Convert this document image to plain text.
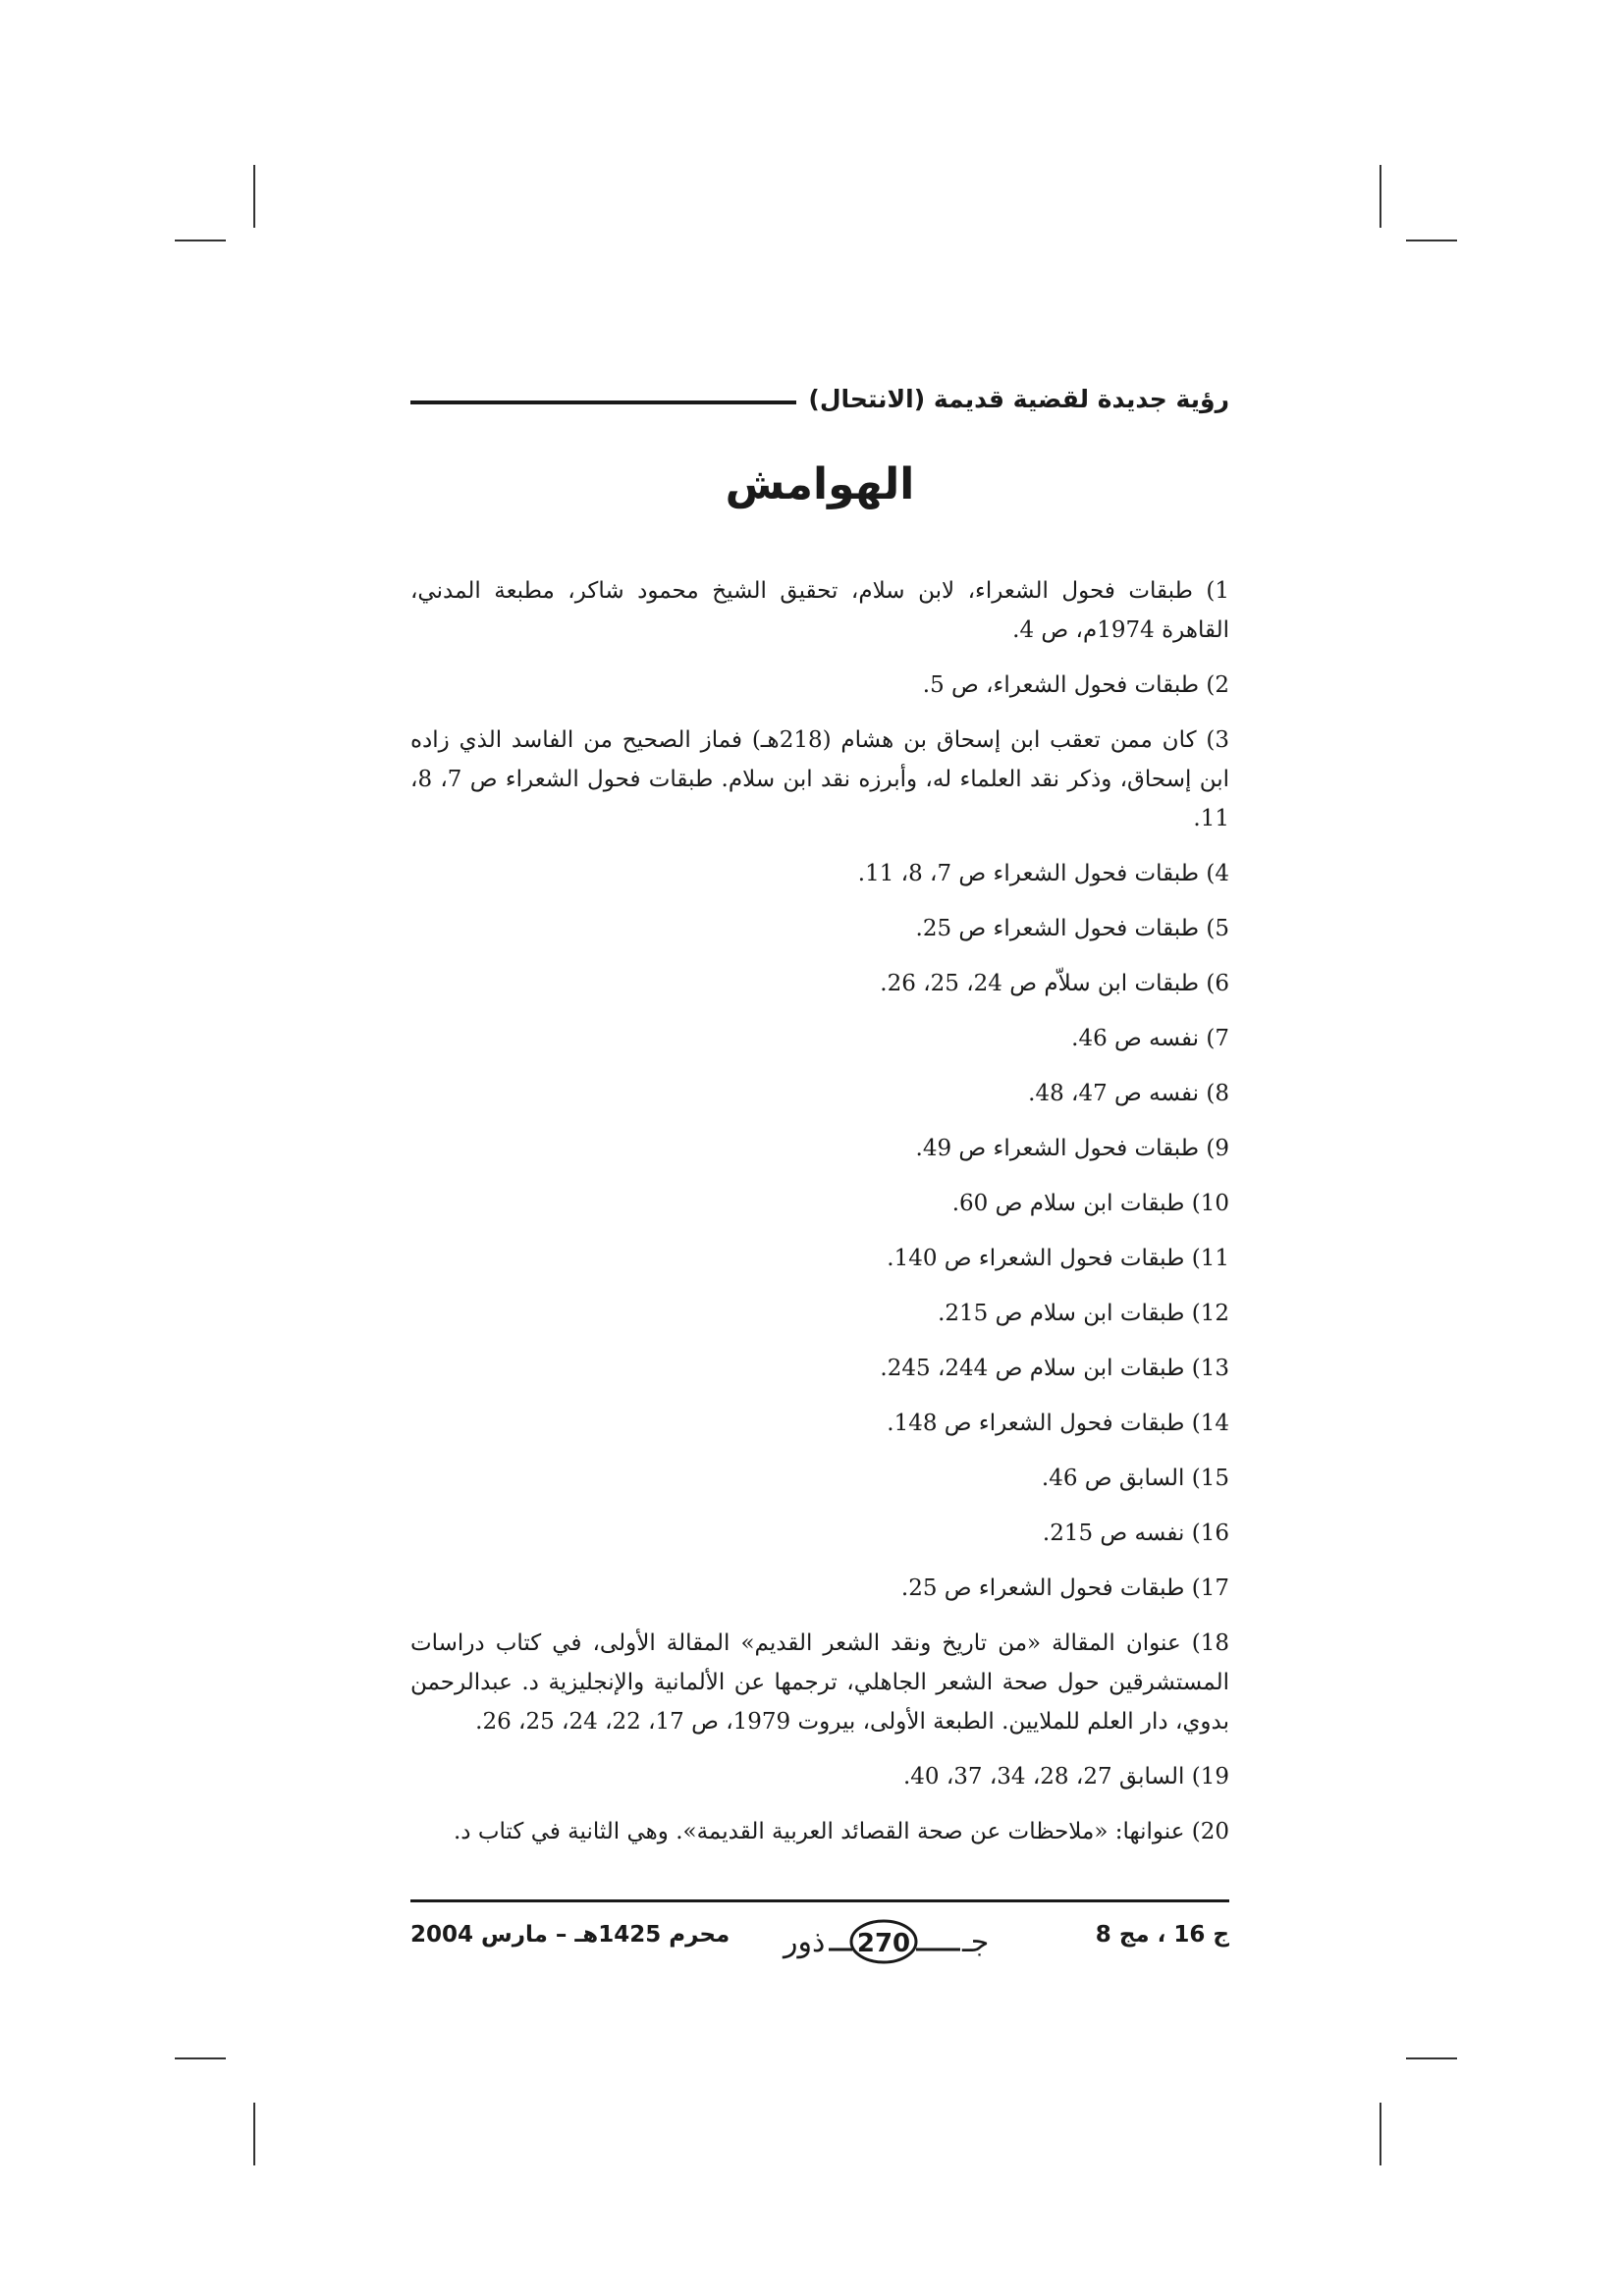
رؤية جديدة لقضية قديمة (الانتحال)
الهوامش

1) طبقات فحول الشعراء، لابن سلام، تحقيق الشيخ محمود شاكر، مطبعة المدني، القاهرة 1974م، ص 4.

2) طبقات فحول الشعراء، ص 5.

3) كان ممن تعقب ابن إسحاق بن هشام (218هـ) فماز الصحيح من الفاسد الذي زاده ابن إسحاق، وذكر نقد العلماء له، وأبرزه نقد ابن سلام. طبقات فحول الشعراء ص 7، 8، 11.

4) طبقات فحول الشعراء ص 7، 8، 11.

5) طبقات فحول الشعراء ص 25.

6) طبقات ابن سلاّم ص 24، 25، 26.

7) نفسه ص 46.

8) نفسه ص 47، 48.

9) طبقات فحول الشعراء ص 49.

10) طبقات ابن سلام ص 60.

11) طبقات فحول الشعراء ص 140.

12) طبقات ابن سلام ص 215.

13) طبقات ابن سلام ص 244، 245.

14) طبقات فحول الشعراء ص 148.

15) السابق ص 46.

16) نفسه ص 215.

17) طبقات فحول الشعراء ص 25.

18) عنوان المقالة «من تاريخ ونقد الشعر القديم» المقالة الأولى، في كتاب دراسات المستشرقين حول صحة الشعر الجاهلي، ترجمها عن الألمانية والإنجليزية د. عبدالرحمن بدوي، دار العلم للملايين. الطبعة الأولى، بيروت 1979، ص 17، 22، 24، 25، 26.

19) السابق 27، 28، 34، 37، 40.

20) عنوانها: «ملاحظات عن صحة القصائد العربية القديمة». وهي الثانية في كتاب د.

ج 16 ، مج 8
ذور 270 جـ
محرم 1425هـ – مارس 2004
